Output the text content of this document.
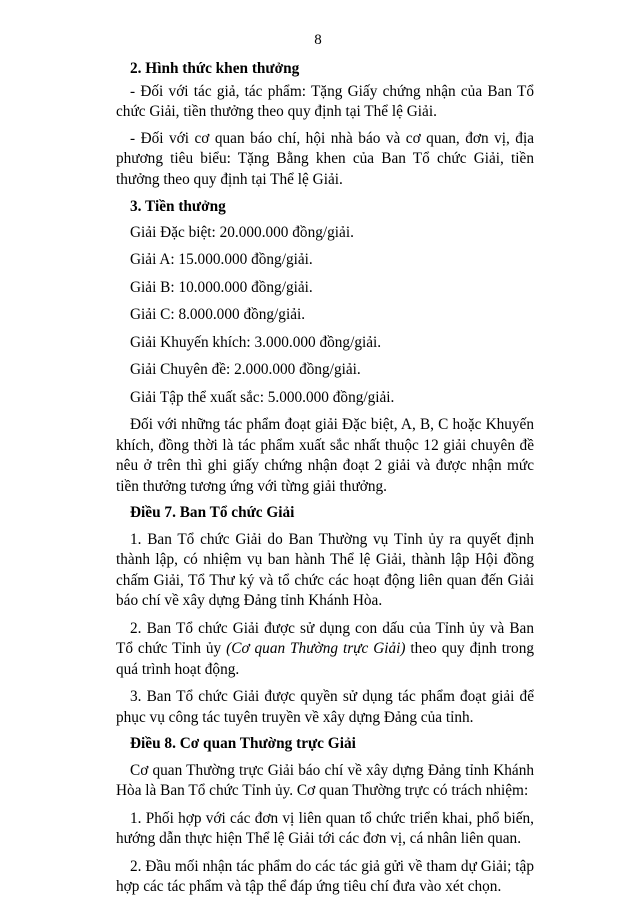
8

2. Hình thức khen thưởng

- Đối với tác giả, tác phẩm: Tặng Giấy chứng nhận của Ban Tổ chức Giải, tiền thưởng theo quy định tại Thể lệ Giải.

- Đối với cơ quan báo chí, hội nhà báo và cơ quan, đơn vị, địa phương tiêu biểu: Tặng Bằng khen của Ban Tổ chức Giải, tiền thưởng theo quy định tại Thể lệ Giải.

3. Tiền thưởng

Giải Đặc biệt: 20.000.000 đồng/giải.

Giải A: 15.000.000 đồng/giải.

Giải B: 10.000.000 đồng/giải.

Giải C: 8.000.000 đồng/giải.

Giải Khuyến khích: 3.000.000 đồng/giải.

Giải Chuyên đề: 2.000.000 đồng/giải.

Giải Tập thể xuất sắc: 5.000.000 đồng/giải.

Đối với những tác phẩm đoạt giải Đặc biệt, A, B, C hoặc Khuyến khích, đồng thời là tác phẩm xuất sắc nhất thuộc 12 giải chuyên đề nêu ở trên thì ghi giấy chứng nhận đoạt 2 giải và được nhận mức tiền thưởng tương ứng với từng giải thưởng.

Điều 7. Ban Tổ chức Giải

1. Ban Tổ chức Giải do Ban Thường vụ Tỉnh ủy ra quyết định thành lập, có nhiệm vụ ban hành Thể lệ Giải, thành lập Hội đồng chấm Giải, Tổ Thư ký và tổ chức các hoạt động liên quan đến Giải báo chí về xây dựng Đảng tỉnh Khánh Hòa.

2. Ban Tổ chức Giải được sử dụng con dấu của Tỉnh ủy và Ban Tổ chức Tỉnh ủy (Cơ quan Thường trực Giải) theo quy định trong quá trình hoạt động.

3. Ban Tổ chức Giải được quyền sử dụng tác phẩm đoạt giải để phục vụ công tác tuyên truyền về xây dựng Đảng của tỉnh.

Điều 8. Cơ quan Thường trực Giải

Cơ quan Thường trực Giải báo chí về xây dựng Đảng tỉnh Khánh Hòa là Ban Tổ chức Tỉnh ủy. Cơ quan Thường trực có trách nhiệm:

1. Phối hợp với các đơn vị liên quan tổ chức triển khai, phổ biến, hướng dẫn thực hiện Thể lệ Giải tới các đơn vị, cá nhân liên quan.

2. Đầu mối nhận tác phẩm do các tác giả gửi về tham dự Giải; tập hợp các tác phẩm và tập thể đáp ứng tiêu chí đưa vào xét chọn.
